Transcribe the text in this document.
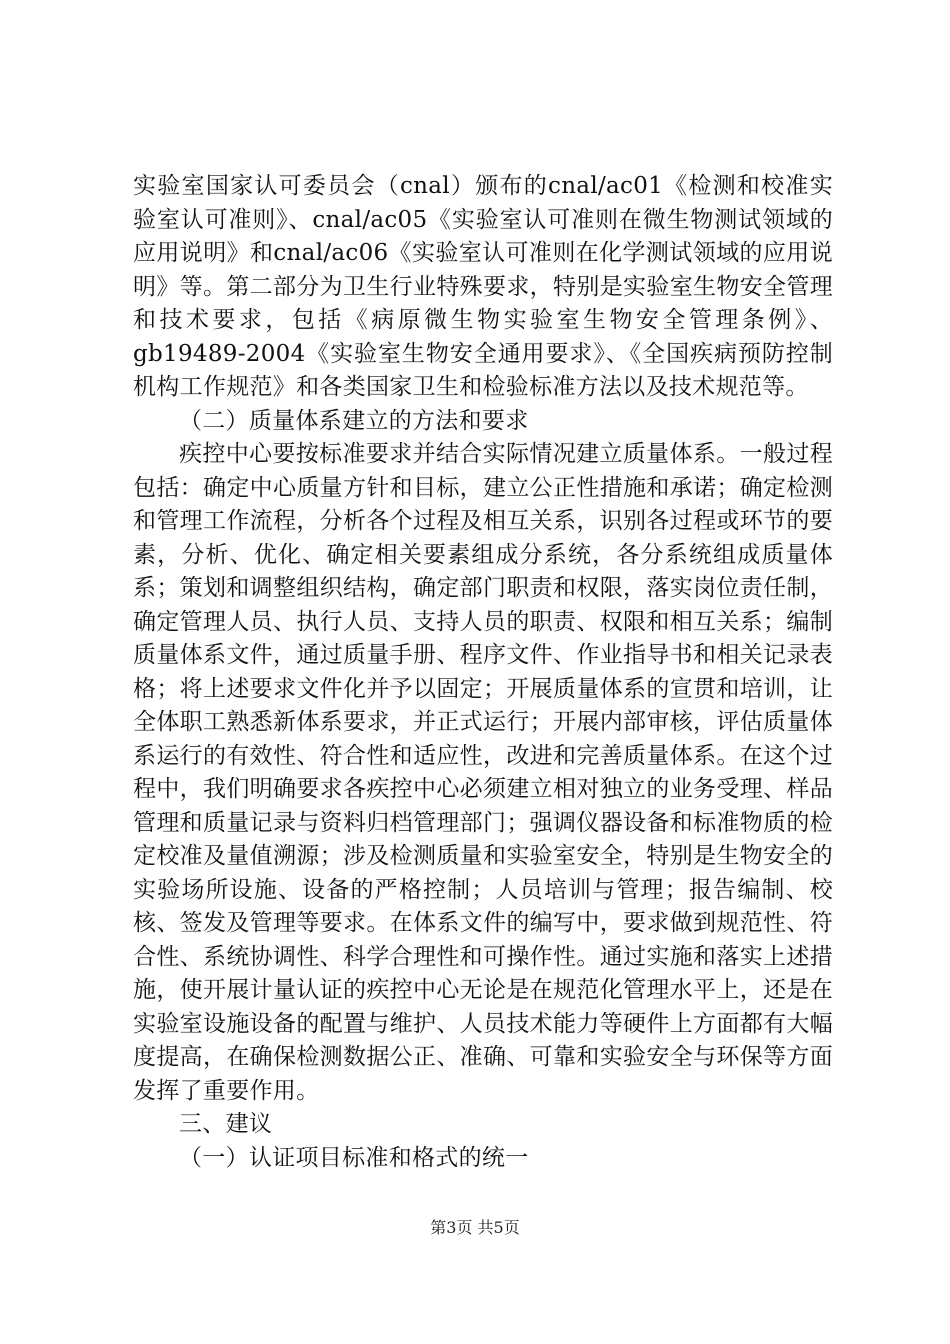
实验室国家认可委员会（cnal）颁布的cnal/ac01《检测和校准实验室认可准则》、cnal/ac05《实验室认可准则在微生物测试领域的应用说明》和cnal/ac06《实验室认可准则在化学测试领域的应用说明》等。第二部分为卫生行业特殊要求，特别是实验室生物安全管理和技术要求，包括《病原微生物实验室生物安全管理条例》、gb19489-2004《实验室生物安全通用要求》、《全国疾病预防控制机构工作规范》和各类国家卫生和检验标准方法以及技术规范等。

（二）质量体系建立的方法和要求

疾控中心要按标准要求并结合实际情况建立质量体系。一般过程包括：确定中心质量方针和目标，建立公正性措施和承诺；确定检测和管理工作流程，分析各个过程及相互关系，识别各过程或环节的要素，分析、优化、确定相关要素组成分系统，各分系统组成质量体系；策划和调整组织结构，确定部门职责和权限，落实岗位责任制，确定管理人员、执行人员、支持人员的职责、权限和相互关系；编制质量体系文件，通过质量手册、程序文件、作业指导书和相关记录表格；将上述要求文件化并予以固定；开展质量体系的宣贯和培训，让全体职工熟悉新体系要求，并正式运行；开展内部审核，评估质量体系运行的有效性、符合性和适应性，改进和完善质量体系。在这个过程中，我们明确要求各疾控中心必须建立相对独立的业务受理、样品管理和质量记录与资料归档管理部门；强调仪器设备和标准物质的检定校准及量值溯源；涉及检测质量和实验室安全，特别是生物安全的实验场所设施、设备的严格控制；人员培训与管理；报告编制、校核、签发及管理等要求。在体系文件的编写中，要求做到规范性、符合性、系统协调性、科学合理性和可操作性。通过实施和落实上述措施，使开展计量认证的疾控中心无论是在规范化管理水平上，还是在实验室设施设备的配置与维护、人员技术能力等硬件上方面都有大幅度提高，在确保检测数据公正、准确、可靠和实验安全与环保等方面发挥了重要作用。

三、建议

（一）认证项目标准和格式的统一

第3页 共5页
